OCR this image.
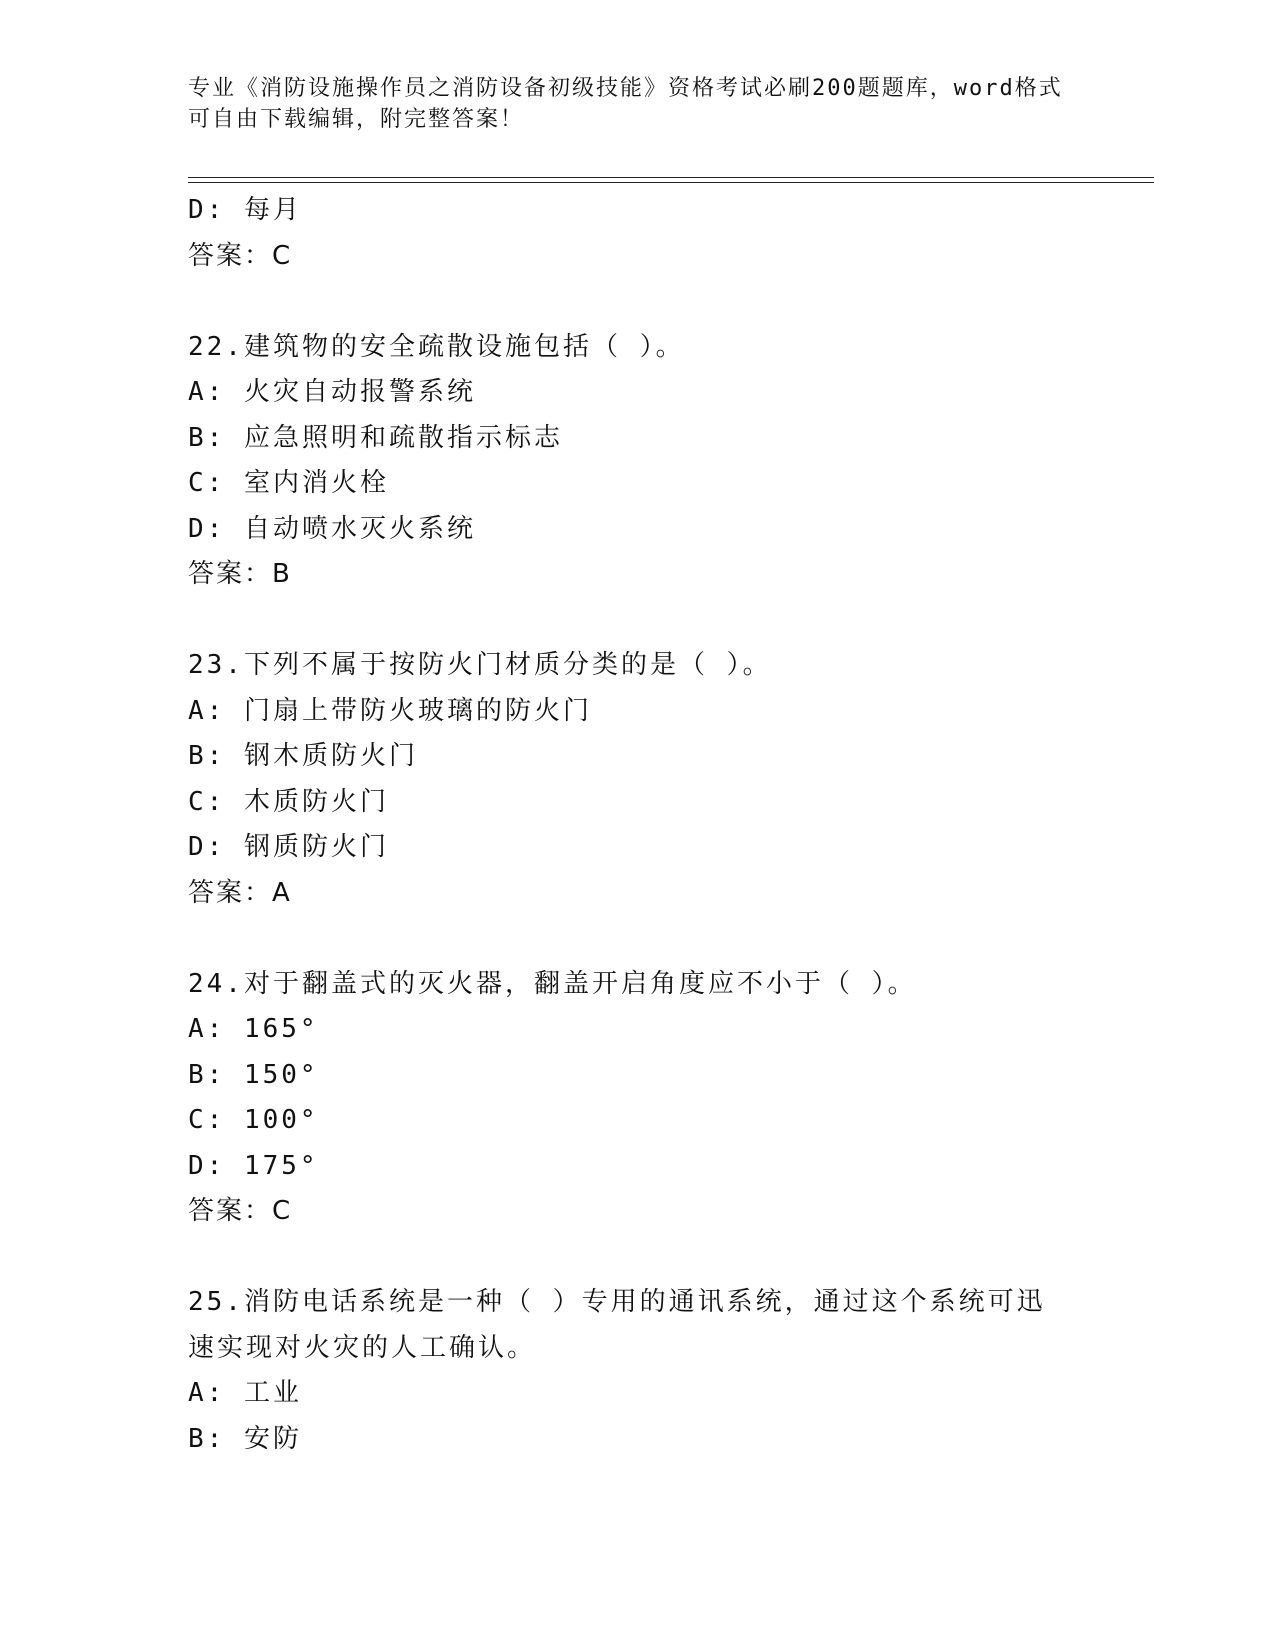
专业《消防设施操作员之消防设备初级技能》资格考试必刷200题题库，word格式可自由下载编辑，附完整答案！
D: 每月
答案：C
22.建筑物的安全疏散设施包括（ ）。
A: 火灾自动报警系统
B: 应急照明和疏散指示标志
C: 室内消火栓
D: 自动喷水灭火系统
答案：B
23.下列不属于按防火门材质分类的是（ ）。
A: 门扇上带防火玻璃的防火门
B: 钢木质防火门
C: 木质防火门
D: 钢质防火门
答案：A
24.对于翻盖式的灭火器，翻盖开启角度应不小于（ ）。
A: 165°
B: 150°
C: 100°
D: 175°
答案：C
25.消防电话系统是一种（ ）专用的通讯系统，通过这个系统可迅速实现对火灾的人工确认。
A: 工业
B: 安防
